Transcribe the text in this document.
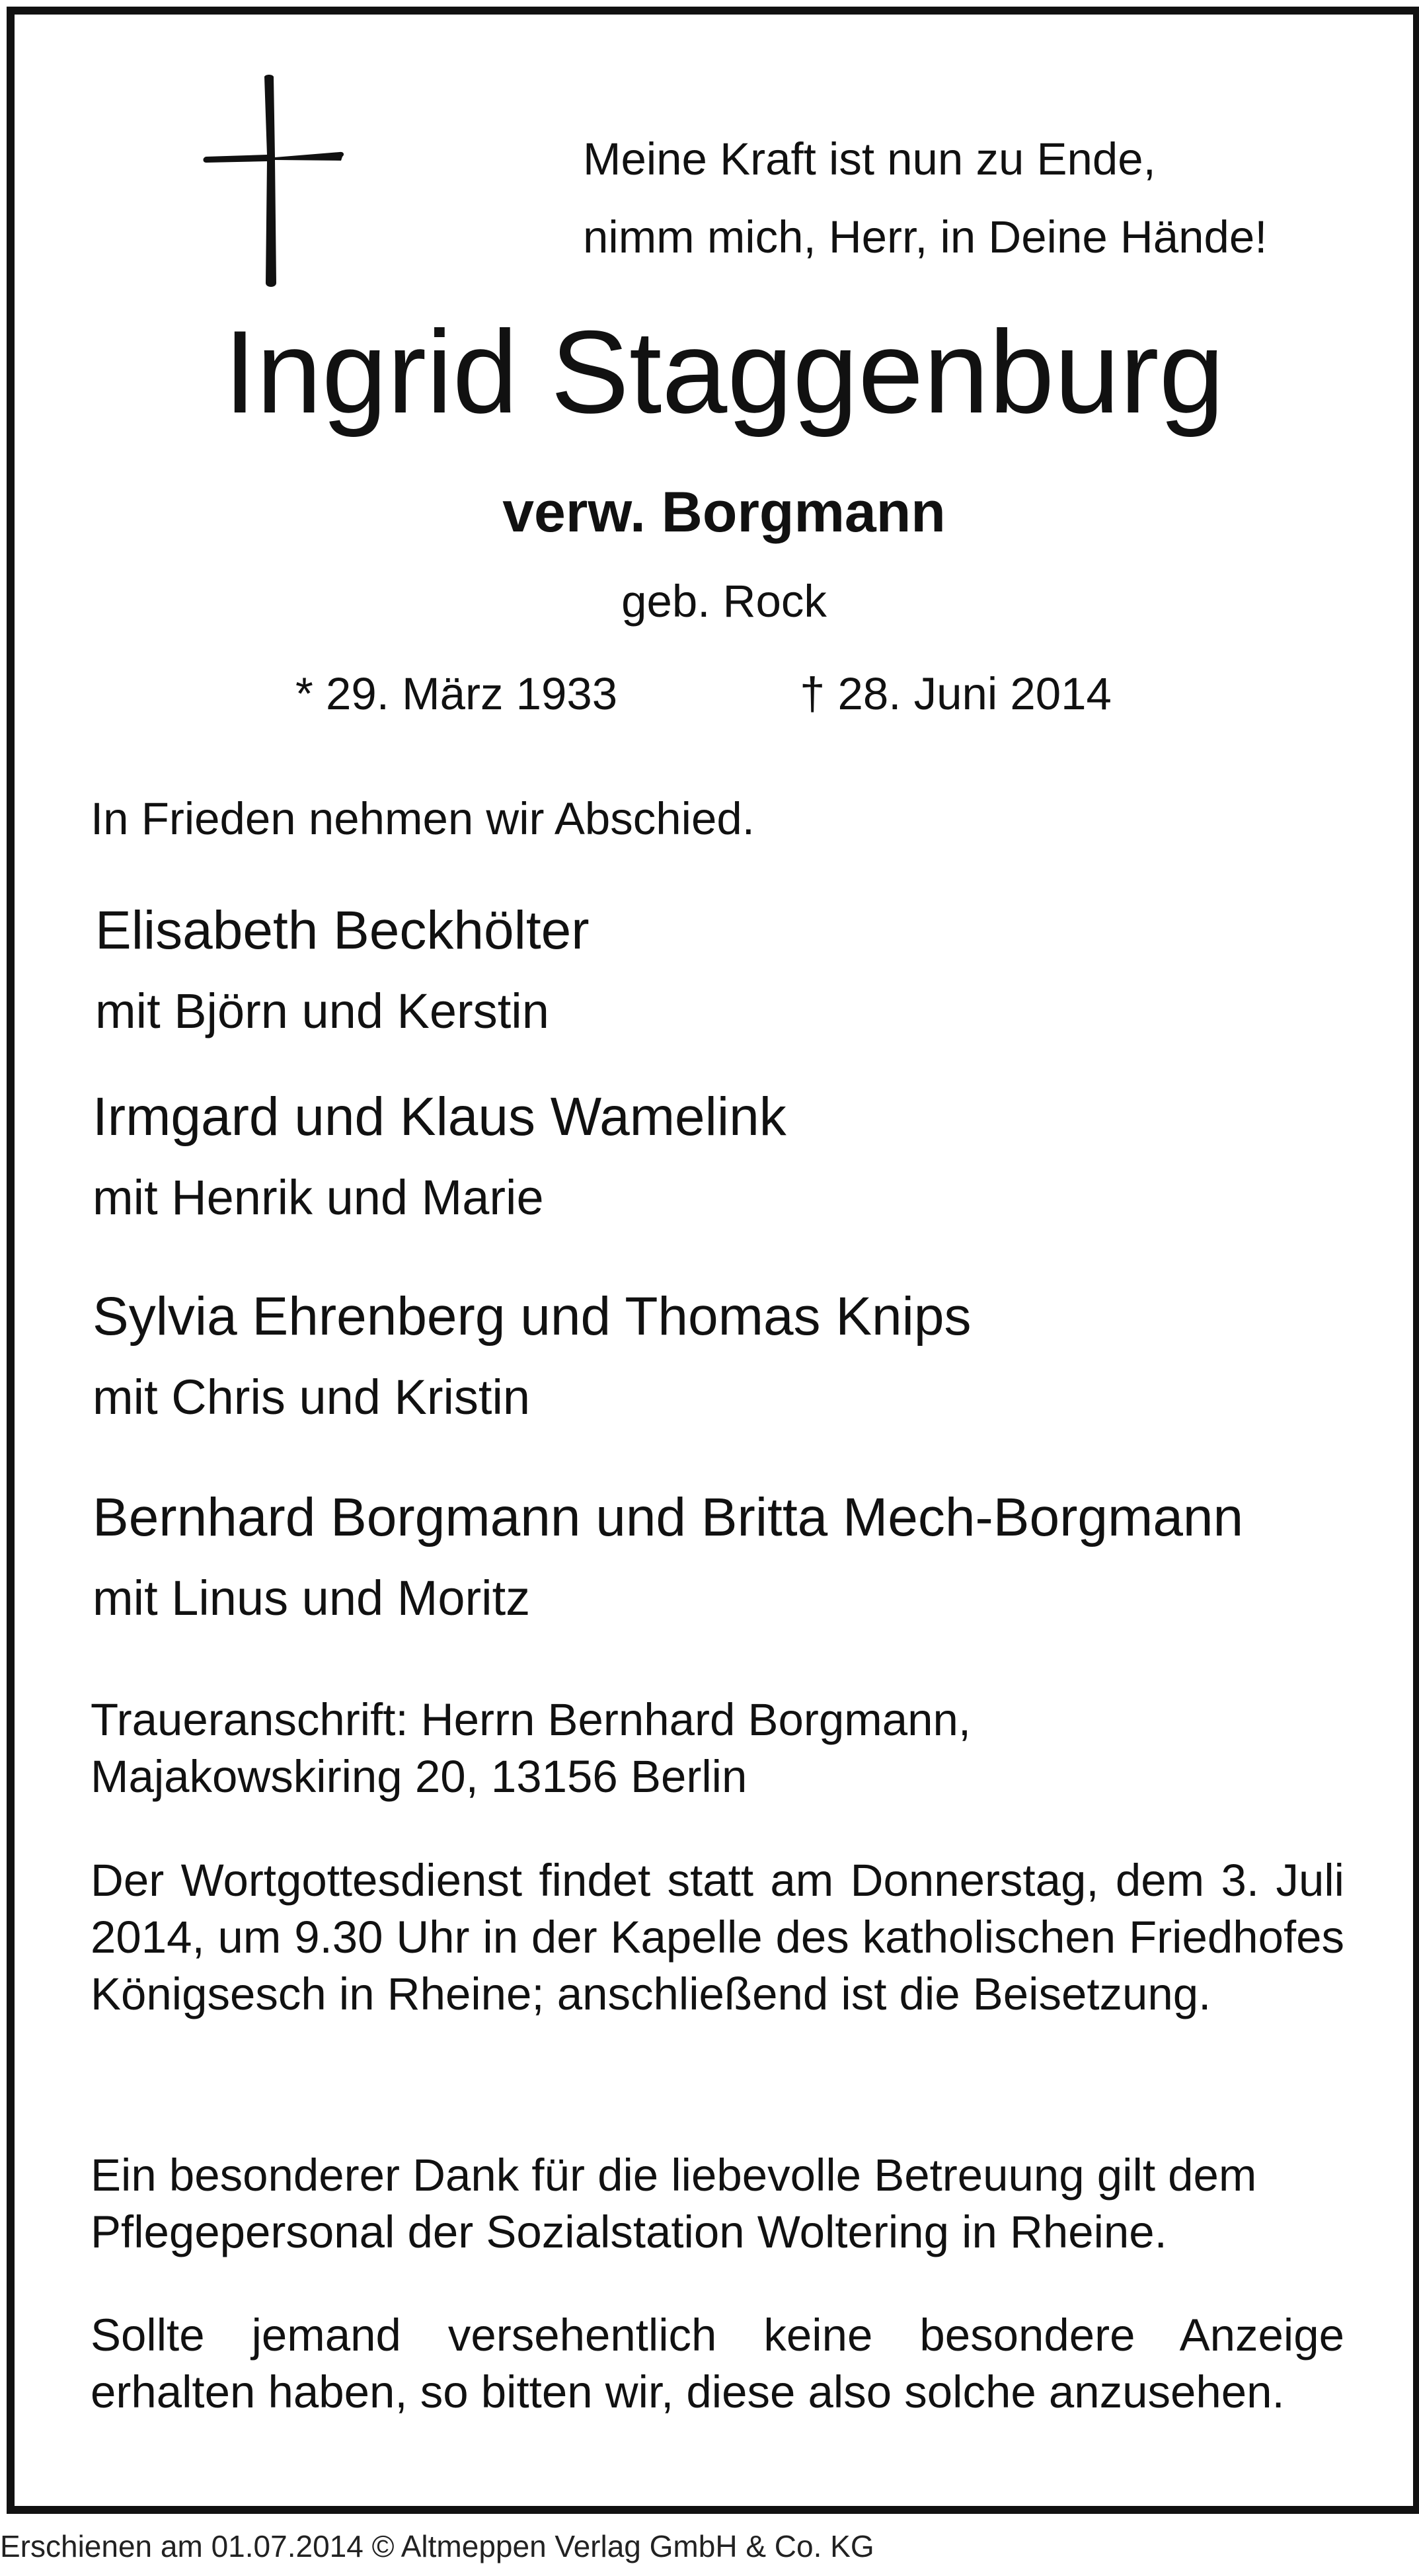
Meine Kraft ist nun zu Ende,
nimm mich, Herr, in Deine Hände!
Ingrid Staggenburg
verw. Borgmann
geb. Rock
* 29. März 1933	† 28. Juni 2014
In Frieden nehmen wir Abschied.
Elisabeth Beckhölter
mit Björn und Kerstin
Irmgard und Klaus Wamelink
mit Henrik und Marie
Sylvia Ehrenberg und Thomas Knips
mit Chris und Kristin
Bernhard Borgmann und Britta Mech-Borgmann
mit Linus und Moritz
Traueranschrift: Herrn Bernhard Borgmann,
Majakowskiring 20, 13156 Berlin
Der Wortgottesdienst findet statt am Donnerstag, dem 3. Juli 2014, um 9.30 Uhr in der Kapelle des katholischen Friedhofes Königsesch in Rheine; anschließend ist die Beisetzung.
Ein besonderer Dank für die liebevolle Betreuung gilt dem Pflegepersonal der Sozialstation Woltering in Rheine.
Sollte jemand versehentlich keine besondere Anzeige erhalten haben, so bitten wir, diese also solche anzusehen.
Erschienen am 01.07.2014 © Altmeppen Verlag GmbH & Co. KG
